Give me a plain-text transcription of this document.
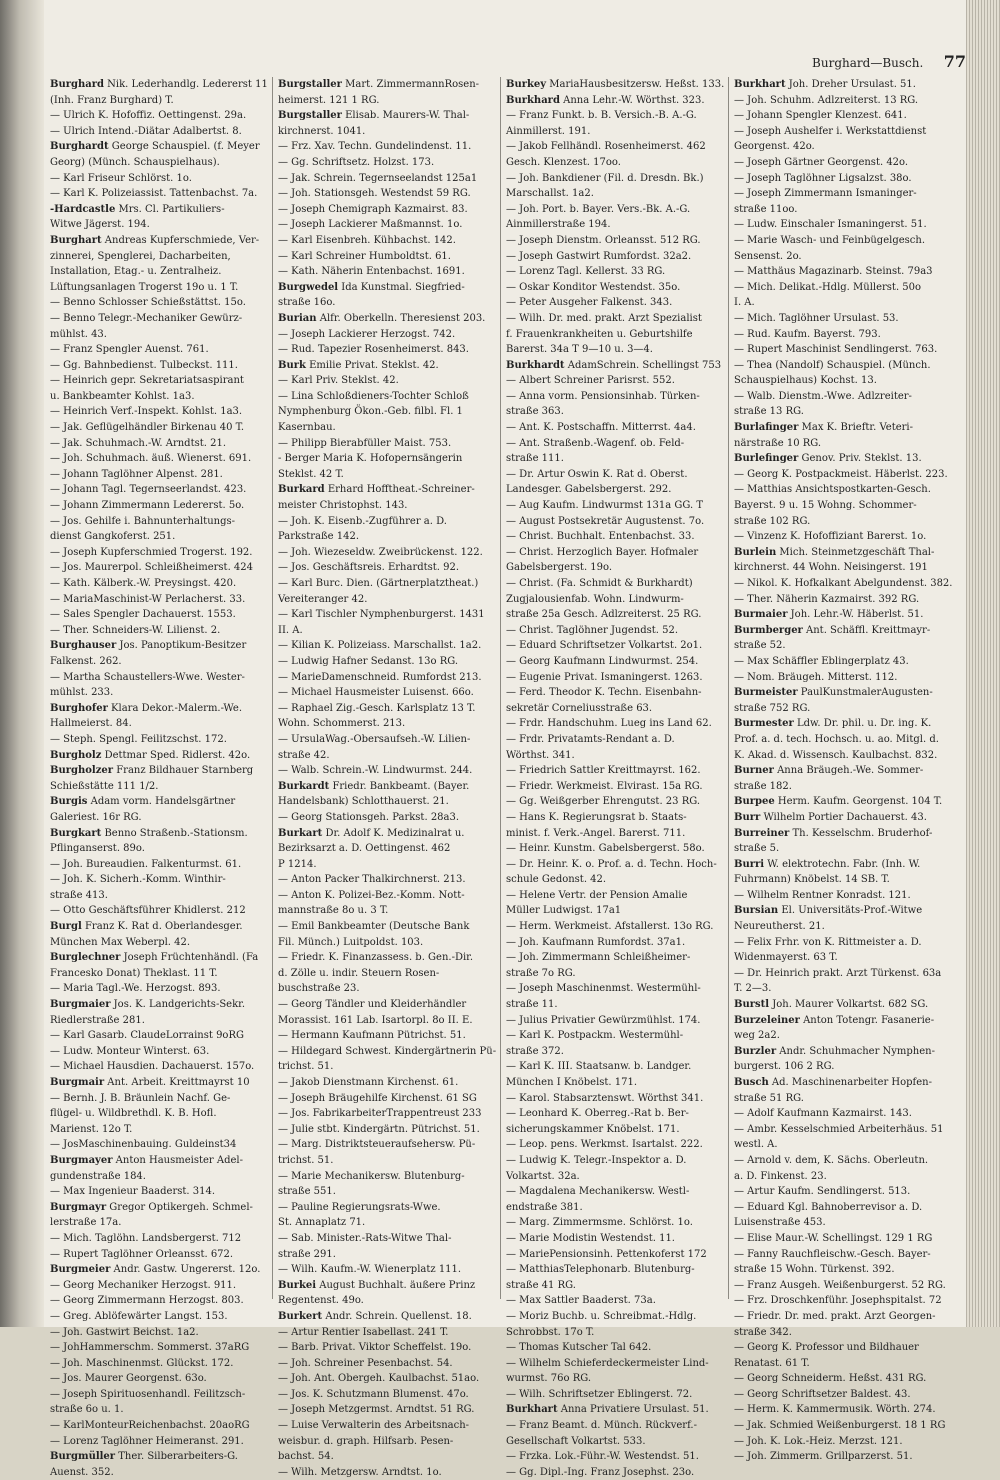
Burghard—Busch. 77
Burghard Nik. Lederhandlg. Ledererst 11
(Inh. Franz Burghard) T.
— Ulrich K. Hofoffiz. Oettingenst. 29a.
— Ulrich Intend.-Diätar Adalbertst. 8.
Burghardt George Schauspiel. (f. Meyer
Georg) (Münch. Schauspielhaus).
— Karl Friseur Schlörst. 1o.
— Karl K. Polizeiassist. Tattenbachst. 7a.
-Hardcastle Mrs. Cl. Partikuliers-
Witwe Jägerst. 194.
Burghart Andreas Kupferschmiede, Ver-
zinnerei, Spenglerei, Dacharbeiten,
Installation, Etag.- u. Zentralheiz.
Lüftungsanlagen Trogerst 19o u. 1 T.
— Benno Schlosser Schießstättst. 15o.
— Benno Telegr.-Mechaniker Gewürz-
mühlst. 43.
— Franz Spengler Auenst. 761.
— Gg. Bahnbedienst. Tulbeckst. 111.
— Heinrich gepr. Sekretariatsaspirant
u. Bankbeamter Kohlst. 1a3.
— Heinrich Verf.-Inspekt. Kohlst. 1a3.
— Jak. Geflügelhändler Birkenau 40 T.
— Jak. Schuhmach.-W. Arndtst. 21.
— Joh. Schuhmach. äuß. Wienerst. 691.
— Johann Taglöhner Alpenst. 281.
— Johann Tagl. Tegernseerlandst. 423.
— Johann Zimmermann Ledererst. 5o.
— Jos. Gehilfe i. Bahnunterhaltungs-
dienst Gangkoferst. 251.
— Joseph Kupferschmied Trogerst. 192.
— Jos. Maurerpol. Schleißheimerst. 424
— Kath. Kälberk.-W. Preysingst. 420.
— MariaMaschinist-W Perlacherst. 33.
— Sales Spengler Dachauerst. 1553.
— Ther. Schneiders-W. Lilienst. 2.
Burghauser Jos. Panoptikum-Besitzer
Falkenst. 262.
— Martha Schaustellers-Wwe. Wester-
mühlst. 233.
Burghofer Klara Dekor.-Malerm.-We.
Hallmeierst. 84.
— Steph. Spengl. Feilitzschst. 172.
Burgholz Dettmar Sped. Ridlerst. 42o.
Burgholzer Franz Bildhauer Starnberg
Schießstätte 111 1/2.
Burgis Adam vorm. Handelsgärtner
Galeriest. 16r RG.
Burgkart Benno Straßenb.-Stationsm.
Pflinganserst. 89o.
— Joh. Bureaudien. Falkenturmst. 61.
— Joh. K. Sicherh.-Komm. Winthir-
straße 413.
— Otto Geschäftsführer Khidlerst. 212
Burgl Franz K. Rat d. Oberlandesger.
München Max Weberpl. 42.
Burglechner Joseph Früchtenhändl. (Fa
Francesko Donat) Theklast. 11 T.
— Maria Tagl.-We. Herzogst. 893.
Burgmaier Jos. K. Landgerichts-Sekr.
Riedlerstraße 281.
— Karl Gasarb. ClaudeLorrainst 9oRG
— Ludw. Monteur Winterst. 63.
— Michael Hausdien. Dachauerst. 157o.
Burgmair Ant. Arbeit. Kreittmayrst 10
— Bernh. J. B. Bräunlein Nachf. Ge-
flügel- u. Wildbrethdl. K. B. Hofl.
Marienst. 12o T.
— JosMaschinenbauing. Guldeinst34
Burgmayer Anton Hausmeister Adel-
gundenstraße 184.
— Max Ingenieur Baaderst. 314.
Burgmayr Gregor Optikergeh. Schmel-
lerstraße 17a.
— Mich. Taglöhn. Landsbergerst. 712
— Rupert Taglöhner Orleansst. 672.
Burgmeier Andr. Gastw. Ungererst. 12o.
— Georg Mechaniker Herzogst. 911.
— Georg Zimmermann Herzogst. 803.
— Greg. Ablöfewärter Langst. 153.
— Joh. Gastwirt Beichst. 1a2.
— JohHammerschm. Sommerst. 37aRG
— Joh. Maschinenmst. Glückst. 172.
— Jos. Maurer Georgenst. 63o.
— Joseph Spirituosenhandl. Feilitzsch-
straße 6o u. 1.
— KarlMonteurReichenbachst. 20aoRG
— Lorenz Taglöhner Heimeranst. 291.
Burgmüller Ther. Silberarbeiters-G.
Auenst. 352.
Burgstaller Mart. ZimmermannRosen-
heimerst. 121 1 RG.
Burgstaller Elisab. Maurers-W. Thal-
kirchnerst. 1041.
— Frz. Xav. Techn. Gundelindenst. 11.
— Gg. Schriftsetz. Holzst. 173.
— Jak. Schrein. Tegernseelandst 125a1
— Joh. Stationsgeh. Westendst 59 RG.
— Joseph Chemigraph Kazmairst. 83.
— Joseph Lackierer Maßmannst. 1o.
— Karl Eisenbreh. Kühbachst. 142.
— Karl Schreiner Humboldtst. 61.
— Kath. Näherin Entenbachst. 1691.
Burgwedel Ida Kunstmal. Siegfried-
straße 16o.
Burian Alfr. Oberkelln. Theresienst 203.
— Joseph Lackierer Herzogst. 742.
— Rud. Tapezier Rosenheimerst. 843.
Burk Emilie Privat. Steklst. 42.
— Karl Priv. Steklst. 42.
— Lina Schloßdieners-Tochter Schloß
Nymphenburg Ökon.-Geb. filbl. Fl. 1
Kasernbau.
— Philipp Bierabfüller Maist. 753.
- Berger Maria K. Hofopernsängerin
Steklst. 42 T.
Burkard Erhard Hofftheat.-Schreiner-
meister Christophst. 143.
— Joh. K. Eisenb.-Zugführer a. D.
Parkstraße 142.
— Joh. Wiezeseldw. Zweibrückenst. 122.
— Jos. Geschäftsreis. Erhardtst. 92.
— Karl Burc. Dien. (Gärtnerplatztheat.)
Vereiteranger 42.
— Karl Tischler Nymphenburgerst. 1431
II. A.
— Kilian K. Polizeiass. Marschallst. 1a2.
— Ludwig Hafner Sedanst. 13o RG.
— MarieDamenschneid. Rumfordst 213.
— Michael Hausmeister Luisenst. 66o.
— Raphael Zig.-Gesch. Karlsplatz 13 T.
Wohn. Schommerst. 213.
— UrsulaWag.-Obersaufseh.-W. Lilien-
straße 42.
— Walb. Schrein.-W. Lindwurmst. 244.
Burkardt Friedr. Bankbeamt. (Bayer.
Handelsbank) Schlotthauerst. 21.
— Georg Stationsgeh. Parkst. 28a3.
Burkart Dr. Adolf K. Medizinalrat u.
Bezirksarzt a. D. Oettingenst. 462
P 1214.
— Anton Packer Thalkirchnerst. 213.
— Anton K. Polizei-Bez.-Komm. Nott-
mannstraße 8o u. 3 T.
— Emil Bankbeamter (Deutsche Bank
Fil. Münch.) Luitpoldst. 103.
— Friedr. K. Finanzassess. b. Gen.-Dir.
d. Zölle u. indir. Steuern Rosen-
buschstraße 23.
— Georg Tändler und Kleiderhändler
Morassist. 161 Lab. Isartorpl. 8o II. E.
— Hermann Kaufmann Pütrichst. 51.
— Hildegard Schwest. Kindergärtnerin Pü-
trichst. 51.
— Jakob Dienstmann Kirchenst. 61.
— Joseph Bräugehilfe Kirchenst. 61 SG
— Jos. FabrikarbeiterTrappentreust 233
— Julie stbt. Kindergärtn. Pütrichst. 51.
— Marg. Distriktsteueraufsehersw. Pü-
trichst. 51.
— Marie Mechanikersw. Blutenburg-
straße 551.
— Pauline Regierungsrats-Wwe.
St. Annaplatz 71.
— Sab. Minister.-Rats-Witwe Thal-
straße 291.
— Wilh. Kaufm.-W. Wienerplatz 111.
Burkei August Buchhalt. äußere Prinz
Regentenst. 49o.
Burkert Andr. Schrein. Quellenst. 18.
— Artur Rentier Isabellast. 241 T.
— Barb. Privat. Viktor Scheffelst. 19o.
— Joh. Schreiner Pesenbachst. 54.
— Joh. Ant. Obergeh. Kaulbachst. 51ao.
— Jos. K. Schutzmann Blumenst. 47o.
— Joseph Metzgermst. Arndtst. 51 RG.
— Luise Verwalterin des Arbeitsnach-
weisbur. d. graph. Hilfsarb. Pesen-
bachst. 54.
— Wilh. Metzgersw. Arndtst. 1o.
Burkey MariaHausbesitzersw. Heßst. 133.
Burkhard Anna Lehr.-W. Wörthst. 323.
— Franz Funkt. b. B. Versich.-B. A.-G.
Ainmillerst. 191.
— Jakob Fellhändl. Rosenheimerst. 462
Gesch. Klenzest. 17oo.
— Joh. Bankdiener (Fil. d. Dresdn. Bk.)
Marschallst. 1a2.
— Joh. Port. b. Bayer. Vers.-Bk. A.-G.
Ainmillerstraße 194.
— Joseph Dienstm. Orleansst. 512 RG.
— Joseph Gastwirt Rumfordst. 32a2.
— Lorenz Tagl. Kellerst. 33 RG.
— Oskar Konditor Westendst. 35o.
— Peter Ausgeher Falkenst. 343.
— Wilh. Dr. med. prakt. Arzt Spezialist
f. Frauenkrankheiten u. Geburtshilfe
Barerst. 34a T 9—10 u. 3—4.
Burkhardt AdamSchrein. Schellingst 753
— Albert Schreiner Parisrst. 552.
— Anna vorm. Pensionsinhab. Türken-
straße 363.
— Ant. K. Postschaffn. Mitterrst. 4a4.
— Ant. Straßenb.-Wagenf. ob. Feld-
straße 111.
— Dr. Artur Oswin K. Rat d. Oberst.
Landesger. Gabelsbergerst. 292.
— Aug Kaufm. Lindwurmst 131a GG. T
— August Postsekretär Augustenst. 7o.
— Christ. Buchhalt. Entenbachst. 33.
— Christ. Herzoglich Bayer. Hofmaler
Gabelsbergerst. 19o.
— Christ. (Fa. Schmidt & Burkhardt)
Zugjalousienfab. Wohn. Lindwurm-
straße 25a Gesch. Adlzreiterst. 25 RG.
— Christ. Taglöhner Jugendst. 52.
— Eduard Schriftsetzer Volkartst. 2o1.
— Georg Kaufmann Lindwurmst. 254.
— Eugenie Privat. Ismaningerst. 1263.
— Ferd. Theodor K. Techn. Eisenbahn-
sekretär Corneliusstraße 63.
— Frdr. Handschuhm. Lueg ins Land 62.
— Frdr. Privatamts-Rendant a. D.
Wörthst. 341.
— Friedrich Sattler Kreittmayrst. 162.
— Friedr. Werkmeist. Elvirast. 15a RG.
— Gg. Weißgerber Ehrengutst. 23 RG.
— Hans K. Regierungsrat b. Staats-
minist. f. Verk.-Angel. Barerst. 711.
— Heinr. Kunstm. Gabelsbergerst. 58o.
— Dr. Heinr. K. o. Prof. a. d. Techn. Hoch-
schule Gedonst. 42.
— Helene Vertr. der Pension Amalie
Müller Ludwigst. 17a1
— Herm. Werkmeist. Afstallerst. 13o RG.
— Joh. Kaufmann Rumfordst. 37a1.
— Joh. Zimmermann Schleißheimer-
straße 7o RG.
— Joseph Maschinenmst. Westermühl-
straße 11.
— Julius Privatier Gewürzmühlst. 174.
— Karl K. Postpackm. Westermühl-
straße 372.
— Karl K. III. Staatsanw. b. Landger.
München I Knöbelst. 171.
— Karol. Stabsarztenswt. Wörthst 341.
— Leonhard K. Oberreg.-Rat b. Ber-
sicherungskammer Knöbelst. 171.
— Leop. pens. Werkmst. Isartalst. 222.
— Ludwig K. Telegr.-Inspektor a. D.
Volkartst. 32a.
— Magdalena Mechanikersw. Westl-
endstraße 381.
— Marg. Zimmermsme. Schlörst. 1o.
— Marie Modistin Westendst. 11.
— MariePensionsinh. Pettenkoferst 172
— MatthiasTelephonarb. Blutenburg-
straße 41 RG.
— Max Sattler Baaderst. 73a.
— Moriz Buchb. u. Schreibmat.-Hdlg.
Schrobbst. 17o T.
— Thomas Kutscher Tal 642.
— Wilhelm Schieferdeckermeister Lind-
wurmst. 76o RG.
— Wilh. Schriftsetzer Eblingerst. 72.
Burkhart Anna Privatiere Ursulast. 51.
— Franz Beamt. d. Münch. Rückverf.-
Gesellschaft Volkartst. 533.
— Frzka. Lok.-Führ.-W. Westendst. 51.
— Gg. Dipl.-Ing. Franz Josephst. 23o.
Burkhart Joh. Dreher Ursulast. 51.
— Joh. Schuhm. Adlzreiterst. 13 RG.
— Johann Spengler Klenzest. 641.
— Joseph Aushelfer i. Werkstattdienst
Georgenst. 42o.
— Joseph Gärtner Georgenst. 42o.
— Joseph Taglöhner Ligsalzst. 38o.
— Joseph Zimmermann Ismaninger-
straße 11oo.
— Ludw. Einschaler Ismaningerst. 51.
— Marie Wasch- und Feinbügelgesch.
Sensenst. 2o.
— Matthäus Magazinarb. Steinst. 79a3
— Mich. Delikat.-Hdlg. Müllerst. 50o
I. A.
— Mich. Taglöhner Ursulast. 53.
— Rud. Kaufm. Bayerst. 793.
— Rupert Maschinist Sendlingerst. 763.
— Thea (Nandolf) Schauspiel. (Münch.
Schauspielhaus) Kochst. 13.
— Walb. Dienstm.-Wwe. Adlzreiter-
straße 13 RG.
Burlafinger Max K. Brieftr. Veteri-
närstraße 10 RG.
Burlefinger Genov. Priv. Steklst. 13.
— Georg K. Postpackmeist. Häberlst. 223.
— Matthias Ansichtspostkarten-Gesch.
Bayerst. 9 u. 15 Wohng. Schommer-
straße 102 RG.
— Vinzenz K. Hofoffiziant Barerst. 1o.
Burlein Mich. Steinmetzgeschäft Thal-
kirchnerst. 44 Wohn. Neisingerst. 191
— Nikol. K. Hofkalkant Abelgundenst. 382.
— Ther. Näherin Kazmairst. 392 RG.
Burmaier Joh. Lehr.-W. Häberlst. 51.
Burmberger Ant. Schäffl. Kreittmayr-
straße 52.
— Max Schäffler Eblingerplatz 43.
— Nom. Bräugeh. Mitterst. 112.
Burmeister PaulKunstmalerAugusten-
straße 752 RG.
Burmester Ldw. Dr. phil. u. Dr. ing. K.
Prof. a. d. tech. Hochsch. u. ao. Mitgl. d.
K. Akad. d. Wissensch. Kaulbachst. 832.
Burner Anna Bräugeh.-We. Sommer-
straße 182.
Burpee Herm. Kaufm. Georgenst. 104 T.
Burr Wilhelm Portier Dachauerst. 43.
Burreiner Th. Kesselschm. Bruderhof-
straße 5.
Burri W. elektrotechn. Fabr. (Inh. W.
Fuhrmann) Knöbelst. 14 SB. T.
— Wilhelm Rentner Konradst. 121.
Bursian El. Universitäts-Prof.-Witwe
Neureutherst. 21.
— Felix Frhr. von K. Rittmeister a. D.
Widenmayerst. 63 T.
— Dr. Heinrich prakt. Arzt Türkenst. 63a
T. 2—3.
Burstl Joh. Maurer Volkartst. 682 SG.
Burzeleiner Anton Totengr. Fasanerie-
weg 2a2.
Burzler Andr. Schuhmacher Nymphen-
burgerst. 106 2 RG.
Busch Ad. Maschinenarbeiter Hopfen-
straße 51 RG.
— Adolf Kaufmann Kazmairst. 143.
— Ambr. Kesselschmied Arbeiterhäus. 51
westl. A.
— Arnold v. dem, K. Sächs. Oberleutn.
a. D. Finkenst. 23.
— Artur Kaufm. Sendlingerst. 513.
— Eduard Kgl. Bahnoberrevisor a. D.
Luisenstraße 453.
— Elise Maur.-W. Schellingst. 129 1 RG
— Fanny Rauchfleischw.-Gesch. Bayer-
straße 15 Wohn. Türkenst. 392.
— Franz Ausgeh. Weißenburgerst. 52 RG.
— Frz. Droschkenführ. Josephspitalst. 72
— Friedr. Dr. med. prakt. Arzt Georgen-
straße 342.
— Georg K. Professor und Bildhauer
Renatast. 61 T.
— Georg Schneiderm. Heßst. 431 RG.
— Georg Schriftsetzer Baldest. 43.
— Herm. K. Kammermusik. Wörth. 274.
— Jak. Schmied Weißenburgerst. 18 1 RG
— Joh. K. Lok.-Heiz. Merzst. 121.
— Joh. Zimmerm. Grillparzerst. 51.
